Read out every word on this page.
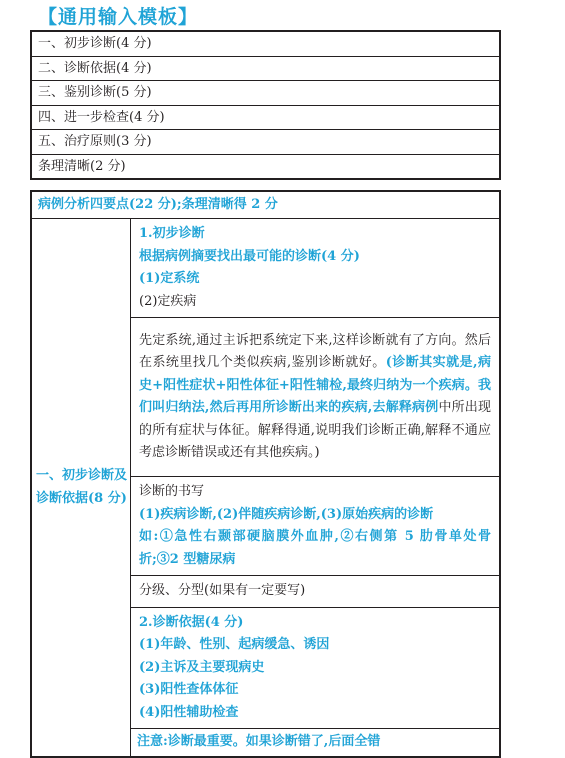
【通用输入模板】
一、初步诊断(4 分)
二、诊断依据(4 分)
三、鉴别诊断(5 分)
四、进一步检查(4 分)
五、治疗原则(3 分)
条理清晰(2 分)
病例分析四要点(22 分);条理清晰得 2 分

一、初步诊断及
诊断依据(8 分)

1.初步诊断
根据病例摘要找出最可能的诊断(4 分)
(1)定系统
(2)定疾病

先定系统,通过主诉把系统定下来,这样诊断就有了方向。然后在系统里找几个类似疾病,鉴别诊断就好。(诊断其实就是,病史+阳性症状+阳性体征+阳性辅检,最终归纳为一个疾病。我们叫归纳法,然后再用所诊断出来的疾病,去解释病例中所出现的所有症状与体征。解释得通,说明我们诊断正确,解释不通应考虑诊断错误或还有其他疾病。)

诊断的书写
(1)疾病诊断,(2)伴随疾病诊断,(3)原始疾病的诊断
如:①急性右颞部硬脑膜外血肿,②右侧第 5 肋骨单处骨折;③2 型糖尿病

分级、分型(如果有一定要写)

2.诊断依据(4 分)
(1)年龄、性别、起病缓急、诱因
(2)主诉及主要现病史
(3)阳性查体体征
(4)阳性辅助检查

注意:诊断最重要。如果诊断错了,后面全错
